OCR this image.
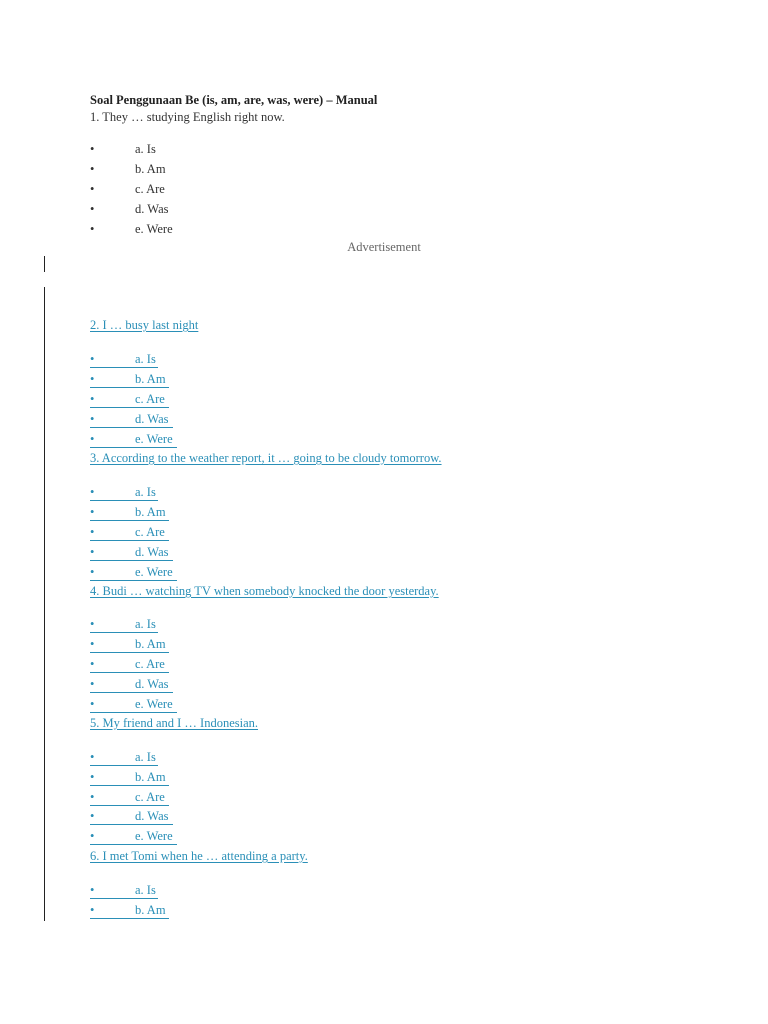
Soal Penggunaan Be (is, am, are, was, were) – Manual
1. They … studying English right now.
•	a. Is
•	b. Am
•	c. Are
•	d. Was
•	e. Were
Advertisement
2. I … busy last night
•	a. Is
•	b. Am
•	c. Are
•	d. Was
•	e. Were
3. According to the weather report, it … going to be cloudy tomorrow.
•	a. Is
•	b. Am
•	c. Are
•	d. Was
•	e. Were
4. Budi … watching TV when somebody knocked the door yesterday.
•	a. Is
•	b. Am
•	c. Are
•	d. Was
•	e. Were
5. My friend and I … Indonesian.
•	a. Is
•	b. Am
•	c. Are
•	d. Was
•	e. Were
6. I met Tomi when he … attending a party.
•	a. Is
•	b. Am
